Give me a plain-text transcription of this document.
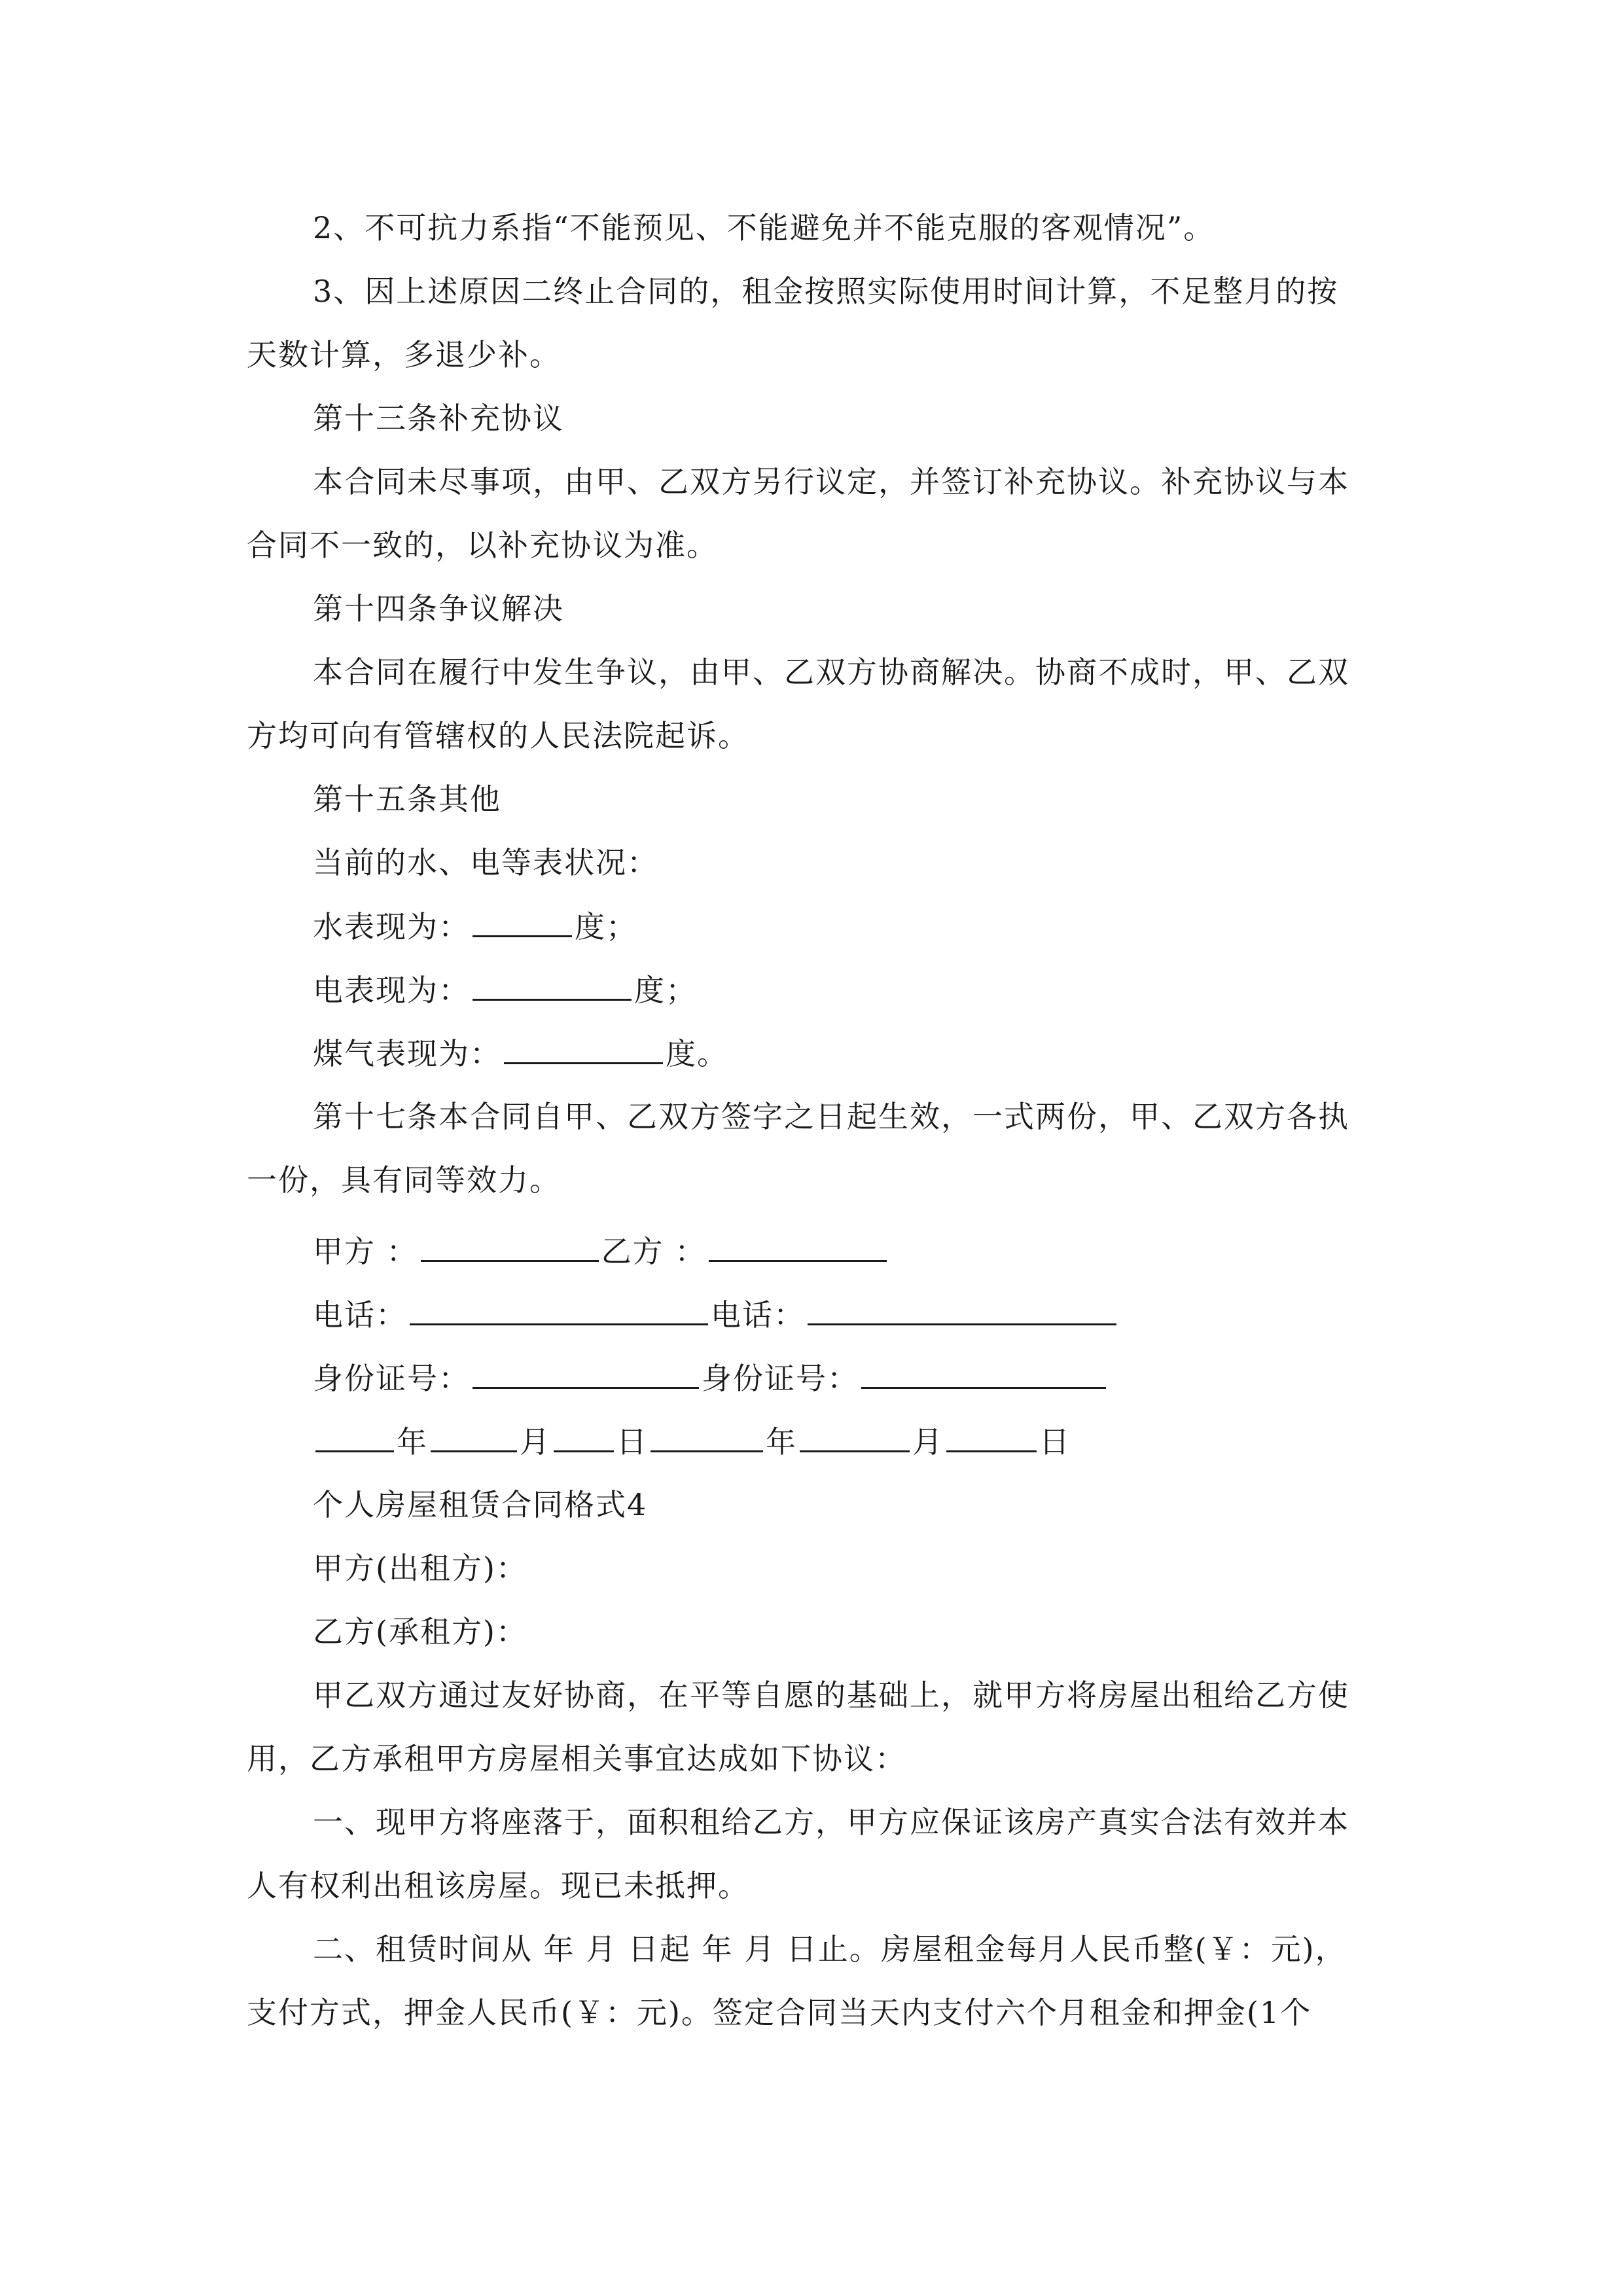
2、不可抗力系指“不能预见、不能避免并不能克服的客观情况”。
3、因上述原因二终止合同的，租金按照实际使用时间计算，不足整月的按
天数计算，多退少补。
第十三条补充协议
本合同未尽事项，由甲、乙双方另行议定，并签订补充协议。补充协议与本
合同不一致的，以补充协议为准。
第十四条争议解决
本合同在履行中发生争议，由甲、乙双方协商解决。协商不成时，甲、乙双
方均可向有管辖权的人民法院起诉。
第十五条其他
当前的水、电等表状况：
水表现为：	度；
电表现为：	度；
煤气表现为：	度。
第十七条本合同自甲、乙双方签字之日起生效，一式两份，甲、乙双方各执
一份，具有同等效力。
甲方 ：	乙方 ：
电话：	电话：
身份证号：	身份证号：
年	月 日	年	月	日
个人房屋租赁合同格式4
甲方(出租方)：
乙方(承租方)：
甲乙双方通过友好协商，在平等自愿的基础上，就甲方将房屋出租给乙方使
用，乙方承租甲方房屋相关事宜达成如下协议：
一、现甲方将座落于，面积租给乙方，甲方应保证该房产真实合法有效并本
人有权利出租该房屋。现已未抵押。
二、租赁时间从 年 月 日起 年 月 日止。房屋租金每月人民币整(￥：元)，
支付方式，押金人民币(￥：元)。签定合同当天内支付六个月租金和押金(1个
